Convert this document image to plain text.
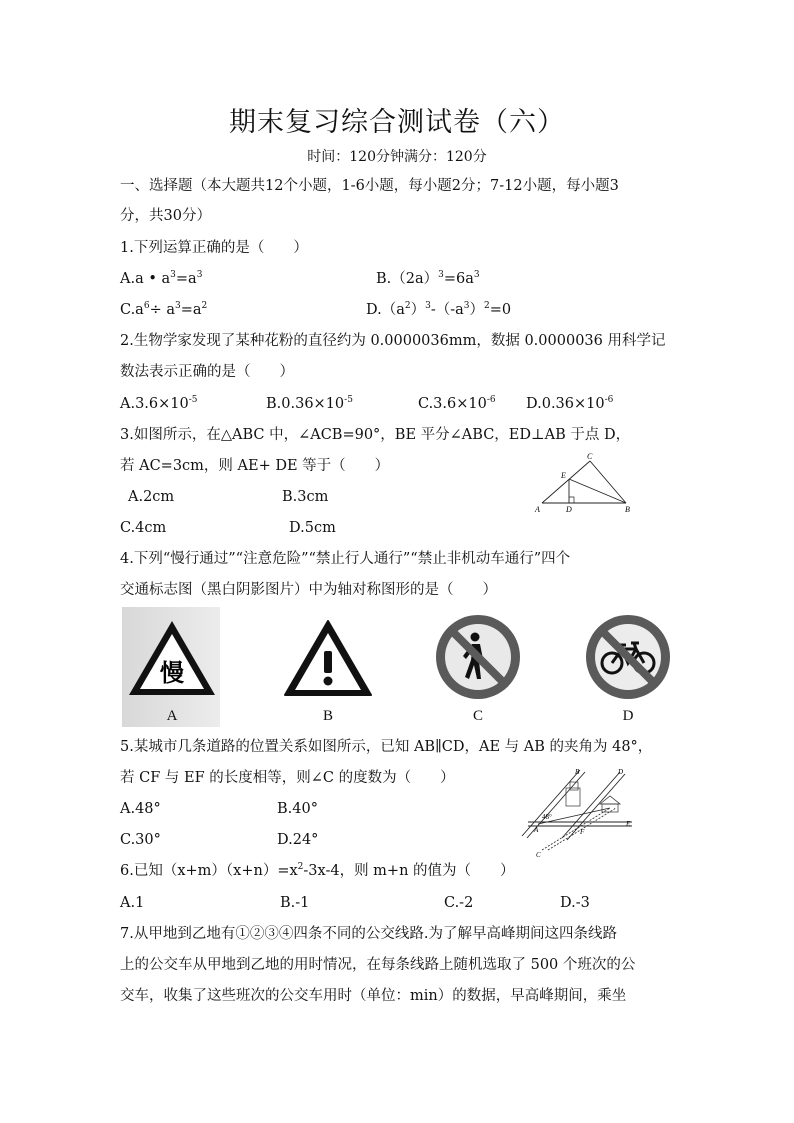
期末复习综合测试卷（六）
时间：120分钟满分：120分
一、选择题（本大题共12个小题，1-6小题，每小题2分；7-12小题，每小题3
分，共30分）
1.下列运算正确的是（　　）
A.a • $a^3=a^3$	$B.(2a)^3=6a^3$
$C.a^6\div a^3=a^2$	$D.(a^2)^3-(-a^3)^2=0$
2.生物学家发现了某种花粉的直径约为 0.0000036mm，数据 0.0000036 用科学记
数法表示正确的是（　　）
$A.3.6\times 10^{-5}$	$B.0.36\times 10^{-5}$	$C.3.6\times 10^{-6}$ $D.0.36\times 10^{-6}$
3.如图所示，在△ABC 中，∠ACB=90°，BE 平分∠ABC，ED⊥AB 于点 D，
若 AC=3cm，则 AE+ DE 等于（　　）
A.2cm	B.3cm
C.4cm	D.5cm
A	B
C
D
E
4.下列“慢行通过”“注意危险”“禁止行人通行”“禁止非机动车通行”四个
交通标志图（黑白阴影图片）中为轴对称图形的是（　　）
慢
A	B	C	D
5.某城市几条道路的位置关系如图所示，已知 AB∥CD，AE 与 AB 的夹角为 48°，
若 CF 与 EF 的长度相等，则∠C 的度数为（　　）
A.48°	B.40°
C.30°	D.24°
48°
A
B
C
D
E
F
6.已知$(x+m)(x+n)=x^2-3x-4$，则 m+n 的值为（　　）
A.1	B.-1	C.-2	D.-3
7.从甲地到乙地有①②③④四条不同的公交线路.为了解早高峰期间这四条线路
上的公交车从甲地到乙地的用时情况，在每条线路上随机选取了 500 个班次的公
交车，收集了这些班次的公交车用时（单位：min）的数据，早高峰期间，乘坐
